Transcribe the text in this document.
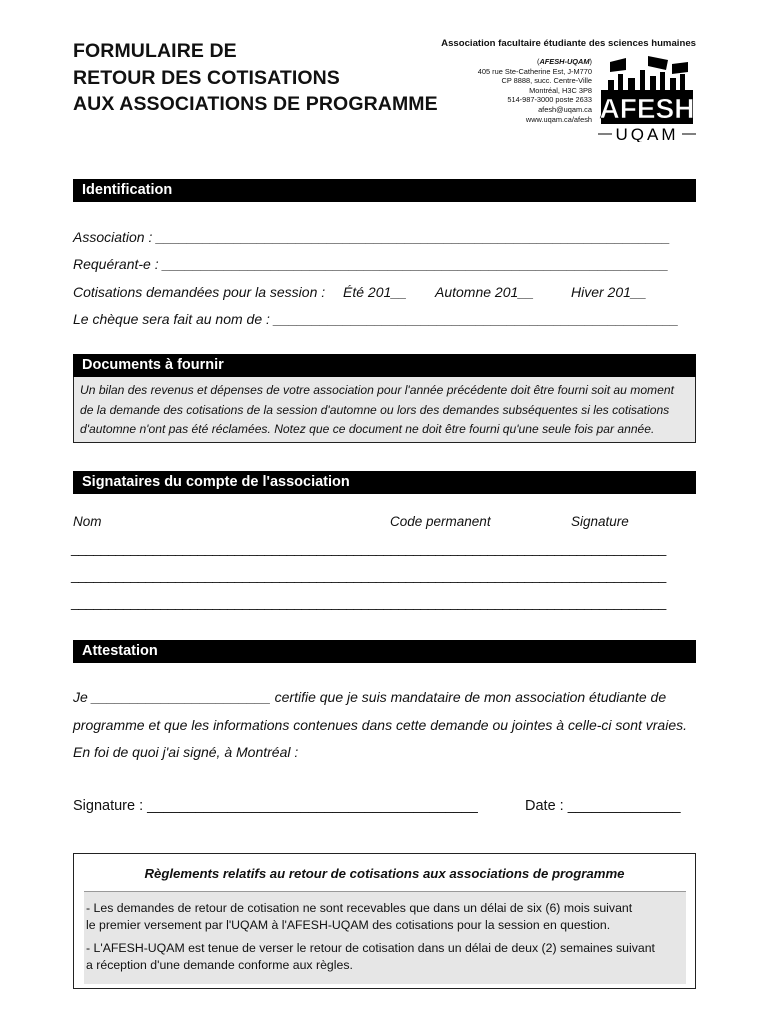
FORMULAIRE DE
RETOUR DES COTISATIONS
AUX ASSOCIATIONS DE PROGRAMME
Association facultaire étudiante des sciences humaines
(AFESH-UQAM)
405 rue Ste-Catherine Est, J-M770
CP 8888, succ. Centre-Ville
Montréal, H3C 3P8
514-987-3000 poste 2633
afesh@uqam.ca
www.uqam.ca/afesh AFESH
UQAM
Identification
Association : __________________________________________________________________
Requérant-e : _________________________________________________________________
Cotisations demandées pour la session : Été 201__ Automne 201__	Hiver 201__
Le chèque sera fait au nom de : ____________________________________________________
Documents à fournir
Un bilan des revenus et dépenses de votre association pour l'année précédente doit être fourni soit au moment
de la demande des cotisations de la session d'automne ou lors des demandes subséquentes si les cotisations
d'automne n'ont pas été réclamées. Notez que ce document ne doit être fourni qu'une seule fois par année.
Signataires du compte de l'association
Nom	Code permanent	Signature
________________________________________________________________________________
________________________________________________________________________________
________________________________________________________________________________
Attestation
Je _______________________ certifie que je suis mandataire de mon association étudiante de
programme et que les informations contenues dans cette demande ou jointes à celle-ci sont vraies.
En foi de quoi j'ai signé, à Montréal :
Signature : _________________________________________	Date : ______________
Règlements relatifs au retour de cotisations aux associations de programme

- Les demandes de retour de cotisation ne sont recevables que dans un délai de six (6) mois suivant
le premier versement par l'UQAM à l'AFESH-UQAM des cotisations pour la session en question.

- L'AFESH-UQAM est tenue de verser le retour de cotisation dans un délai de deux (2) semaines suivant
a réception d'une demande conforme aux règles.
